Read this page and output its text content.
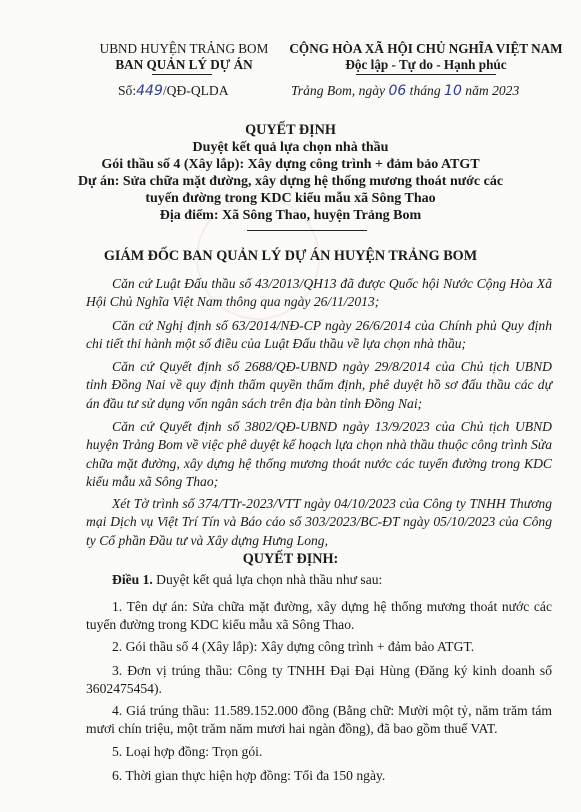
UBND HUYỆN TRẢNG BOM
BAN QUẢN LÝ DỰ ÁN
CỘNG HÒA XÃ HỘI CHỦ NGHĨA VIỆT NAM
Độc lập - Tự do - Hạnh phúc
Số:449/QĐ-QLDA	Trảng Bom, ngày 06 tháng 10 năm 2023
QUYẾT ĐỊNH
Duyệt kết quả lựa chọn nhà thầu
Gói thầu số 4 (Xây lắp): Xây dựng công trình + đảm bảo ATGT
Dự án: Sửa chữa mặt đường, xây dựng hệ thống mương thoát nước các
tuyến đường trong KDC kiểu mẫu xã Sông Thao
Địa điểm: Xã Sông Thao, huyện Trảng Bom
GIÁM ĐỐC BAN QUẢN LÝ DỰ ÁN HUYỆN TRẢNG BOM
Căn cứ Luật Đấu thầu số 43/2013/QH13 đã được Quốc hội Nước Cộng Hòa Xã Hội Chủ Nghĩa Việt Nam thông qua ngày 26/11/2013;
Căn cứ Nghị định số 63/2014/NĐ-CP ngày 26/6/2014 của Chính phủ Quy định chi tiết thi hành một số điều của Luật Đấu thầu về lựa chọn nhà thầu;
Căn cứ Quyết định số 2688/QĐ-UBND ngày 29/8/2014 của Chủ tịch UBND tỉnh Đồng Nai về quy định thẩm quyền thẩm định, phê duyệt hồ sơ đấu thầu các dự án đầu tư sử dụng vốn ngân sách trên địa bàn tỉnh Đồng Nai;
Căn cứ Quyết định số 3802/QĐ-UBND ngày 13/9/2023 của Chủ tịch UBND huyện Trảng Bom về việc phê duyệt kế hoạch lựa chọn nhà thầu thuộc công trình Sửa chữa mặt đường, xây dựng hệ thống mương thoát nước các tuyến đường trong KDC kiểu mẫu xã Sông Thao;
Xét Tờ trình số 374/TTr-2023/VTT ngày 04/10/2023 của Công ty TNHH Thương mại Dịch vụ Việt Trí Tín và Báo cáo số 303/2023/BC-ĐT ngày 05/10/2023 của Công ty Cổ phần Đầu tư và Xây dựng Hưng Long,
QUYẾT ĐỊNH:
Điều 1. Duyệt kết quả lựa chọn nhà thầu như sau:
1. Tên dự án: Sửa chữa mặt đường, xây dựng hệ thống mương thoát nước các tuyến đường trong KDC kiểu mẫu xã Sông Thao.
2. Gói thầu số 4 (Xây lắp): Xây dựng công trình + đảm bảo ATGT.
3. Đơn vị trúng thầu: Công ty TNHH Đại Đại Hùng (Đăng ký kinh doanh số 3602475454).
4. Giá trúng thầu: 11.589.152.000 đồng (Bằng chữ: Mười một tỷ, năm trăm tám mươi chín triệu, một trăm năm mươi hai ngàn đồng), đã bao gồm thuế VAT.
5. Loại hợp đồng: Trọn gói.
6. Thời gian thực hiện hợp đồng: Tối đa 150 ngày.
